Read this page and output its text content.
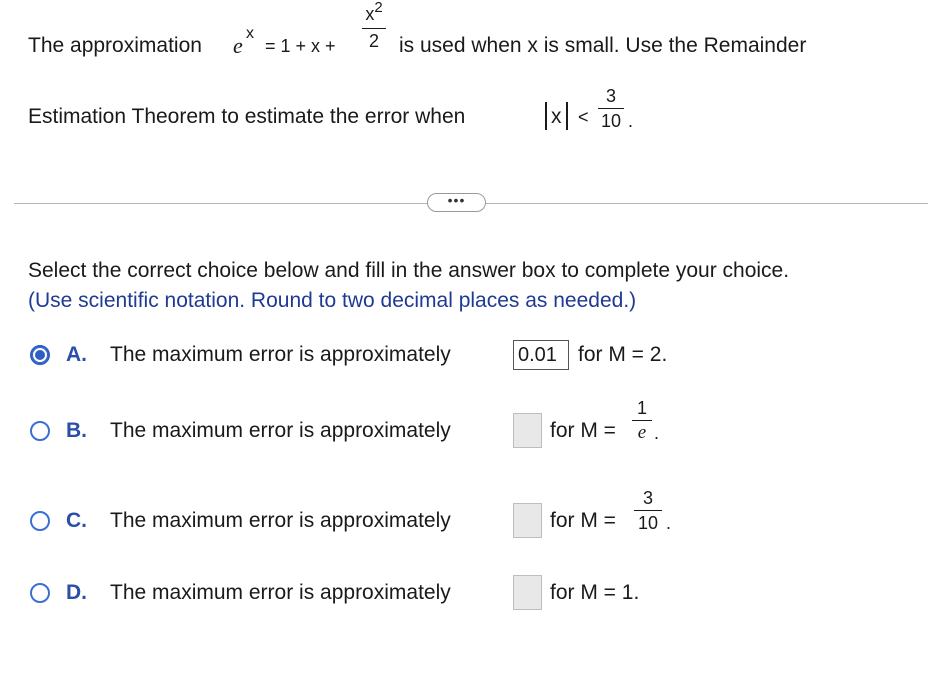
The approximation e x
= 1 + x +
$x^2$
2 is used when x is small. Use the Remainder
Estimation Theorem to estimate the error when	x <
3
10 .
•••
Select the correct choice below and fill in the answer box to complete your choice.
(Use scientific notation. Round to two decimal places as needed.)
A. The maximum error is approximately	0.01	for M = 2.
B. The maximum error is approximately	for M =
1
e .
C. The maximum error is approximately	for M =
3
10 .
D. The maximum error is approximately	for M = 1.
